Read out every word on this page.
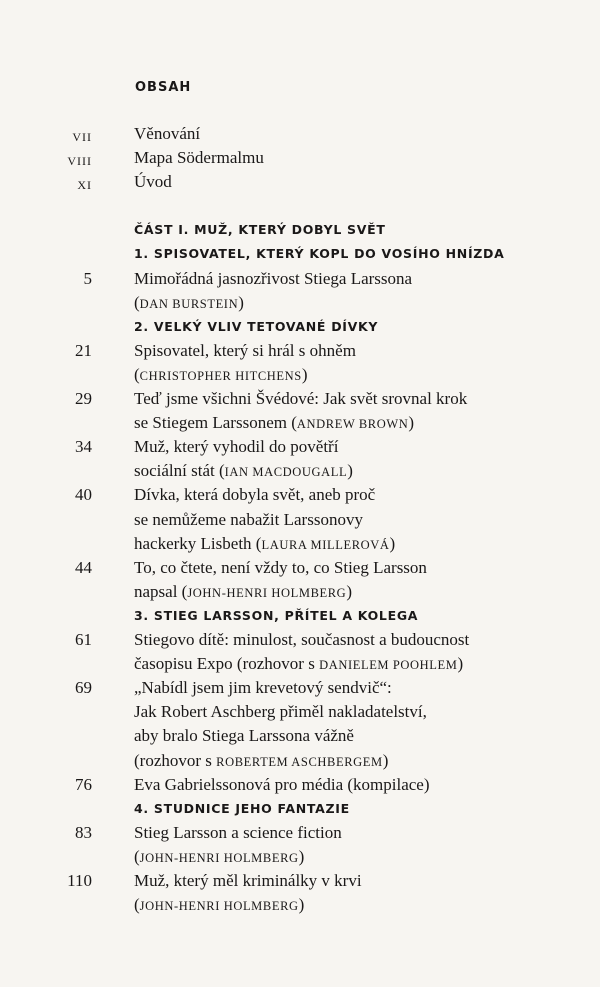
OBSAH
VII Věnování
VIII Mapa Södermalmu
XI Úvod
ČÁST I. MUŽ, KTERÝ DOBYL SVĚT
1. SPISOVATEL, KTERÝ KOPL DO VOSÍHO HNÍZDA
5 Mimořádná jasnozřivost Stiega Larssona
(DAN BURSTEIN)
2. VELKÝ VLIV TETOVANÉ DÍVKY
21 Spisovatel, který si hrál s ohněm
(CHRISTOPHER HITCHENS)
29 Teď jsme všichni Švédové: Jak svět srovnal krok
se Stiegem Larssonem (ANDREW BROWN)
34 Muž, který vyhodil do povětří
sociální stát (IAN MACDOUGALL)
40 Dívka, která dobyla svět, aneb proč
se nemůžeme nabažit Larssonovy
hackerky Lisbeth (LAURA MILLEROVÁ)
44 To, co čtete, není vždy to, co Stieg Larsson
napsal (JOHN-HENRI HOLMBERG)
3. STIEG LARSSON, PŘÍTEL A KOLEGA
61 Stiegovo dítě: minulost, současnost a budoucnost
časopisu Expo (rozhovor s DANIELEM POOHLEM)
69 „Nabídl jsem jim krevetový sendvič“:
Jak Robert Aschberg přiměl nakladatelství,
aby bralo Stiega Larssona vážně
(rozhovor s ROBERTEM ASCHBERGEM)
76 Eva Gabrielssonová pro média (kompilace)
4. STUDNICE JEHO FANTAZIE
83 Stieg Larsson a science fiction
(JOHN-HENRI HOLMBERG)
110 Muž, který měl kriminálky v krvi
(JOHN-HENRI HOLMBERG)
